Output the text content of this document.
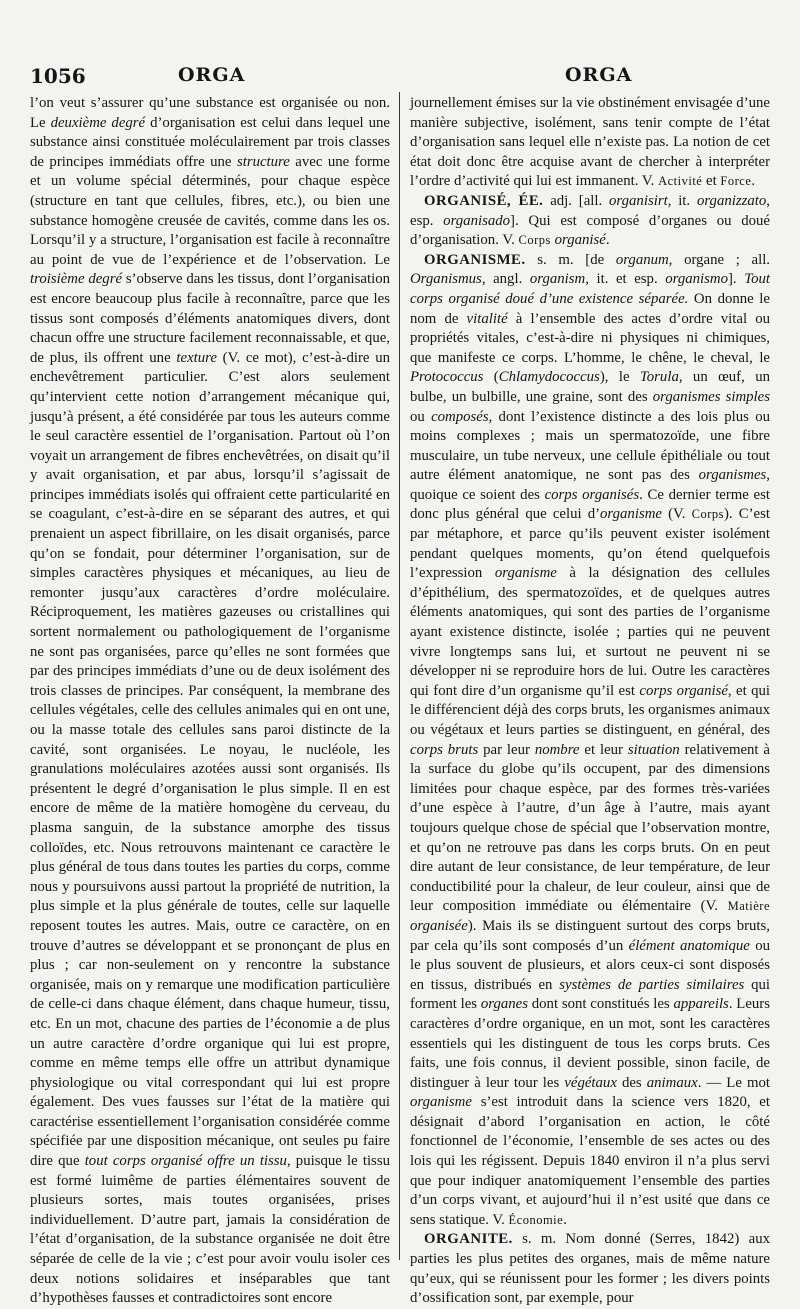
1056	ORGA	ORGA

l’on veut s’assurer qu’une substance est organisée ou non. Le deuxième degré d’organisation est celui dans lequel une substance ainsi constituée moléculairement par trois classes de principes immédiats offre une structure avec une forme et un volume spécial déterminés, pour chaque espèce (structure en tant que cellules, fibres, etc.), ou bien une substance homogène creusée de cavités, comme dans les os. Lorsqu’il y a structure, l’organisation est facile à reconnaître au point de vue de l’expérience et de l’observation. Le troisième degré s’observe dans les tissus, dont l’organisation est encore beaucoup plus facile à reconnaître, parce que les tissus sont composés d’éléments anatomiques divers, dont chacun offre une structure facilement reconnaissable, et que, de plus, ils offrent une texture (V. ce mot), c’est-à-dire un enchevêtrement particulier. C’est alors seulement qu’intervient cette notion d’arrangement mécanique qui, jusqu’à présent, a été considérée par tous les auteurs comme le seul caractère essentiel de l’organisation. Partout où l’on voyait un arrangement de fibres enchevêtrées, on disait qu’il y avait organisation, et par abus, lorsqu’il s’agissait de principes immédiats isolés qui offraient cette particularité en se coagulant, c’est-à-dire en se séparant des autres, et qui prenaient un aspect fibrillaire, on les disait organisés, parce qu’on se fondait, pour déterminer l’organisation, sur de simples caractères physiques et mécaniques, au lieu de remonter jusqu’aux caractères d’ordre moléculaire. Réciproquement, les matières gazeuses ou cristallines qui sortent normalement ou pathologiquement de l’organisme ne sont pas organisées, parce qu’elles ne sont formées que par des principes immédiats d’une ou de deux isolément des trois classes de principes. Par conséquent, la membrane des cellules végétales, celle des cellules animales qui en ont une, ou la masse totale des cellules sans paroi distincte de la cavité, sont organisées. Le noyau, le nucléole, les granulations moléculaires azotées aussi sont organisés. Ils présentent le degré d’organisation le plus simple. Il en est encore de même de la matière homogène du cerveau, du plasma sanguin, de la substance amorphe des tissus colloïdes, etc. Nous retrouvons maintenant ce caractère le plus général de tous dans toutes les parties du corps, comme nous y poursuivons aussi partout la propriété de nutrition, la plus simple et la plus générale de toutes, celle sur laquelle reposent toutes les autres. Mais, outre ce caractère, on en trouve d’autres se développant et se prononçant de plus en plus ; car non-seulement on y rencontre la substance organisée, mais on y remarque une modification particulière de celle-ci dans chaque élément, dans chaque humeur, tissu, etc. En un mot, chacune des parties de l’économie a de plus un autre caractère d’ordre organique qui lui est propre, comme en même temps elle offre un attribut dynamique physiologique ou vital correspondant qui lui est propre également. Des vues fausses sur l’état de la matière qui caractérise essentiellement l’organisation considérée comme spécifiée par une disposition mécanique, ont seules pu faire dire que tout corps organisé offre un tissu, puisque le tissu est formé luimême de parties élémentaires souvent de plusieurs sortes, mais toutes organisées, prises individuellement. D’autre part, jamais la considération de l’état d’organisation, de la substance organisée ne doit être séparée de celle de la vie ; c’est pour avoir voulu isoler ces deux notions solidaires et inséparables que tant d’hypothèses fausses et contradictoires sont encore

journellement émises sur la vie obstinément envisagée d’une manière subjective, isolément, sans tenir compte de l’état d’organisation sans lequel elle n’existe pas. La notion de cet état doit donc être acquise avant de chercher à interpréter l’ordre d’activité qui lui est immanent. V. Activité et Force.

ORGANISÉ, ÉE. adj. [all. organisirt, it. organizzato, esp. organisado]. Qui est composé d’organes ou doué d’organisation. V. Corps organisé.

ORGANISME. s. m. [de organum, organe ; all. Organismus, angl. organism, it. et esp. organismo]. Tout corps organisé doué d’une existence séparée. On donne le nom de vitalité à l’ensemble des actes d’ordre vital ou propriétés vitales, c’est-à-dire ni physiques ni chimiques, que manifeste ce corps. L’homme, le chêne, le cheval, le Protococcus (Chlamydococcus), le Torula, un œuf, un bulbe, un bulbille, une graine, sont des organismes simples ou composés, dont l’existence distincte a des lois plus ou moins complexes ; mais un spermatozoïde, une fibre musculaire, un tube nerveux, une cellule épithéliale ou tout autre élément anatomique, ne sont pas des organismes, quoique ce soient des corps organisés. Ce dernier terme est donc plus général que celui d’organisme (V. Corps). C’est par métaphore, et parce qu’ils peuvent exister isolément pendant quelques moments, qu’on étend quelquefois l’expression organisme à la désignation des cellules d’épithélium, des spermatozoïdes, et de quelques autres éléments anatomiques, qui sont des parties de l’organisme ayant existence distincte, isolée ; parties qui ne peuvent vivre longtemps sans lui, et surtout ne peuvent ni se développer ni se reproduire hors de lui. Outre les caractères qui font dire d’un organisme qu’il est corps organisé, et qui le différencient déjà des corps bruts, les organismes animaux ou végétaux et leurs parties se distinguent, en général, des corps bruts par leur nombre et leur situation relativement à la surface du globe qu’ils occupent, par des dimensions limitées pour chaque espèce, par des formes très-variées d’une espèce à l’autre, d’un âge à l’autre, mais ayant toujours quelque chose de spécial que l’observation montre, et qu’on ne retrouve pas dans les corps bruts. On en peut dire autant de leur consistance, de leur température, de leur conductibilité pour la chaleur, de leur couleur, ainsi que de leur composition immédiate ou élémentaire (V. Matière organisée). Mais ils se distinguent surtout des corps bruts, par cela qu’ils sont composés d’un élément anatomique ou le plus souvent de plusieurs, et alors ceux-ci sont disposés en tissus, distribués en systèmes de parties similaires qui forment les organes dont sont constitués les appareils. Leurs caractères d’ordre organique, en un mot, sont les caractères essentiels qui les distinguent de tous les corps bruts. Ces faits, une fois connus, il devient possible, sinon facile, de distinguer à leur tour les végétaux des animaux. — Le mot organisme s’est introduit dans la science vers 1820, et désignait d’abord l’organisation en action, le côté fonctionnel de l’économie, l’ensemble de ses actes ou des lois qui les régissent. Depuis 1840 environ il n’a plus servi que pour indiquer anatomiquement l’ensemble des parties d’un corps vivant, et aujourd’hui il n’est usité que dans ce sens statique. V. Économie.

ORGANITE. s. m. Nom donné (Serres, 1842) aux parties les plus petites des organes, mais de même nature qu’eux, qui se réunissent pour les former ; les divers points d’ossification sont, par exemple, pour
